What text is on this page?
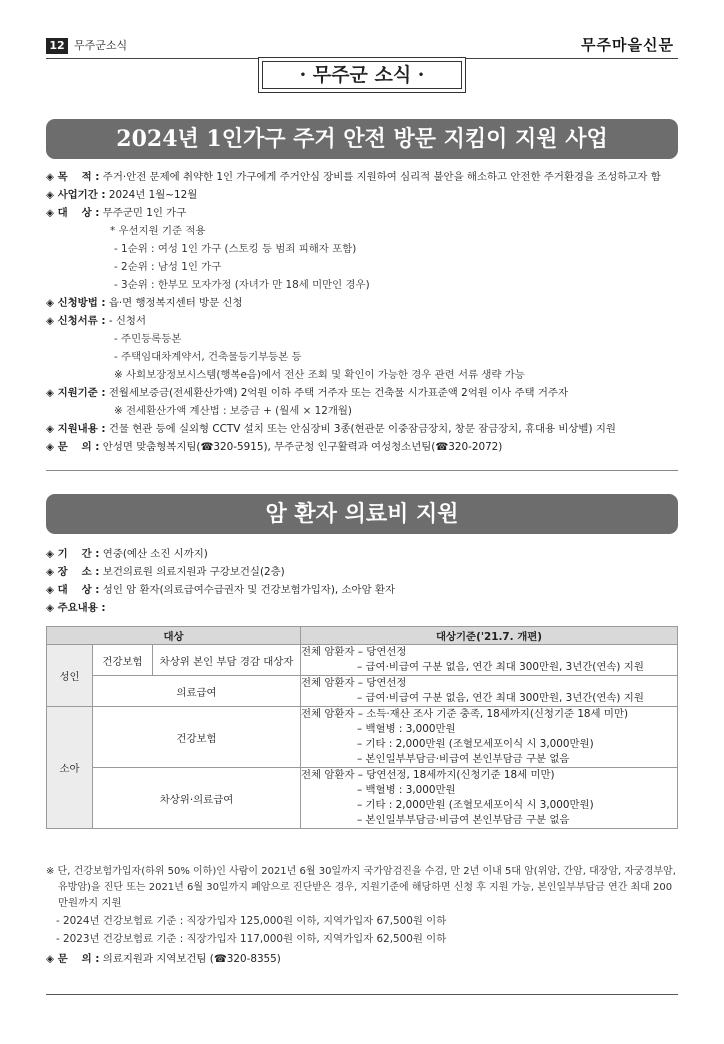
12 무주군소식	무주마을신문
· 무주군 소식 ·
2024년 1인가구 주거 안전 방문 지킴이 지원 사업
◈ 목　 적 : 주거·안전 문제에 취약한 1인 가구에게 주거안심 장비를 지원하여 심리적 불안을 해소하고 안전한 주거환경을 조성하고자 함
◈ 사업기간 : 2024년 1월~12월
◈ 대　 상 : 무주군민 1인 가구
* 우선지원 기준 적용
- 1순위 : 여성 1인 가구 (스토킹 등 범죄 피해자 포함)
- 2순위 : 남성 1인 가구
- 3순위 : 한부모 모자가정 (자녀가 만 18세 미만인 경우)
◈ 신청방법 : 읍·면 행정복지센터 방문 신청
◈ 신청서류 : - 신청서
- 주민등록등본
- 주택임대차계약서, 건축물등기부등본 등
※ 사회보장정보시스템(행복e음)에서 전산 조회 및 확인이 가능한 경우 관련 서류 생략 가능
◈ 지원기준 : 전월세보증금(전세환산가액) 2억원 이하 주택 거주자 또는 건축물 시가표준액 2억원 이사 주택 거주자
※ 전세환산가액 계산법 : 보증금 + (월세 × 12개월)
◈ 지원내용 : 건물 현관 등에 실외형 CCTV 설치 또는 안심장비 3종(현관문 이중잠금장치, 창문 잠금장치, 휴대용 비상벨) 지원
◈ 문　 의 : 안성면 맞춤형복지팀(☎320-5915), 무주군청 인구활력과 여성청소년팀(☎320-2072)
암 환자 의료비 지원
◈ 기　 간 : 연중(예산 소진 시까지)
◈ 장　 소 : 보건의료원 의료지원과 구강보건실(2층)
◈ 대　 상 : 성인 암 환자(의료급여수급권자 및 건강보험가입자), 소아암 환자
◈ 주요내용 :
대상			대상기준('21.7. 개편)
성인	건강보험	차상위 본인 부담 경감 대상자	전체 암환자 – 당연선정
– 급여·비급여 구분 없음, 연간 최대 300만원, 3년간(연속) 지원

	의료급여		전체 암환자 – 당연선정
– 급여·비급여 구분 없음, 연간 최대 300만원, 3년간(연속) 지원

소아	건강보험		전체 암환자 – 소득·재산 조사 기준 충족, 18세까지(신청기준 18세 미만)
– 백혈병 : 3,000만원
– 기타 : 2,000만원 (조혈모세포이식 시 3,000만원)
– 본인일부부담금·비급여 본인부담금 구분 없음

	차상위·의료급여		전체 암환자 – 당연선정, 18세까지(신청기준 18세 미만)
– 백혈병 : 3,000만원
– 기타 : 2,000만원 (조혈모세포이식 시 3,000만원)
– 본인일부부담금·비급여 본인부담금 구분 없음
※ 단, 건강보험가입자(하위 50% 이하)인 사람이 2021년 6월 30일까지 국가암검진을 수검, 만 2년 이내 5대 암(위암, 간암, 대장암, 자궁경부암,
유방암)을 진단 또는 2021년 6월 30일까지 폐암으로 진단받은 경우, 지원기준에 해당하면 신청 후 지원 가능, 본인일부부담금 연간 최대 200
만원까지 지원
- 2024년 건강보험료 기준 : 직장가입자 125,000원 이하, 지역가입자 67,500원 이하
- 2023년 건강보험료 기준 : 직장가입자 117,000원 이하, 지역가입자 62,500원 이하
◈ 문　 의 : 의료지원과 지역보건팀 (☎320-8355)
